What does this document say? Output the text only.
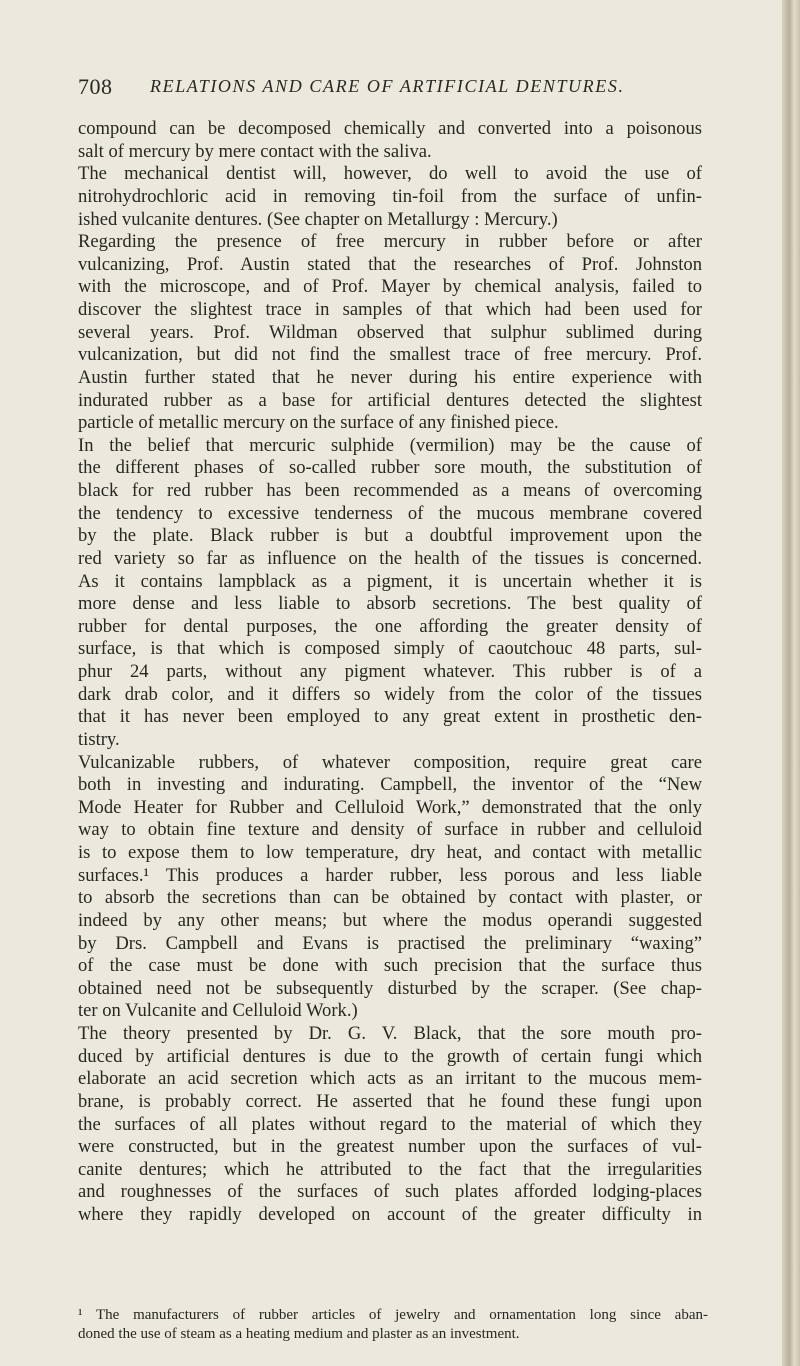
708 RELATIONS AND CARE OF ARTIFICIAL DENTURES.
compound can be decomposed chemically and converted into a poisonous
salt of mercury by mere contact with the saliva.
The mechanical dentist will, however, do well to avoid the use of
nitrohydrochloric acid in removing tin-foil from the surface of unfin-
ished vulcanite dentures. (See chapter on Metallurgy : Mercury.)
Regarding the presence of free mercury in rubber before or after
vulcanizing, Prof. Austin stated that the researches of Prof. Johnston
with the microscope, and of Prof. Mayer by chemical analysis, failed to
discover the slightest trace in samples of that which had been used for
several years. Prof. Wildman observed that sulphur sublimed during
vulcanization, but did not find the smallest trace of free mercury. Prof.
Austin further stated that he never during his entire experience with
indurated rubber as a base for artificial dentures detected the slightest
particle of metallic mercury on the surface of any finished piece.
In the belief that mercuric sulphide (vermilion) may be the cause of
the different phases of so-called rubber sore mouth, the substitution of
black for red rubber has been recommended as a means of overcoming
the tendency to excessive tenderness of the mucous membrane covered
by the plate. Black rubber is but a doubtful improvement upon the
red variety so far as influence on the health of the tissues is concerned.
As it contains lampblack as a pigment, it is uncertain whether it is
more dense and less liable to absorb secretions. The best quality of
rubber for dental purposes, the one affording the greater density of
surface, is that which is composed simply of caoutchouc 48 parts, sul-
phur 24 parts, without any pigment whatever. This rubber is of a
dark drab color, and it differs so widely from the color of the tissues
that it has never been employed to any great extent in prosthetic den-
tistry.
Vulcanizable rubbers, of whatever composition, require great care
both in investing and indurating. Campbell, the inventor of the “New
Mode Heater for Rubber and Celluloid Work,” demonstrated that the only
way to obtain fine texture and density of surface in rubber and celluloid
is to expose them to low temperature, dry heat, and contact with metallic
surfaces.¹ This produces a harder rubber, less porous and less liable
to absorb the secretions than can be obtained by contact with plaster, or
indeed by any other means; but where the modus operandi suggested
by Drs. Campbell and Evans is practised the preliminary “waxing”
of the case must be done with such precision that the surface thus
obtained need not be subsequently disturbed by the scraper. (See chap-
ter on Vulcanite and Celluloid Work.)
The theory presented by Dr. G. V. Black, that the sore mouth pro-
duced by artificial dentures is due to the growth of certain fungi which
elaborate an acid secretion which acts as an irritant to the mucous mem-
brane, is probably correct. He asserted that he found these fungi upon
the surfaces of all plates without regard to the material of which they
were constructed, but in the greatest number upon the surfaces of vul-
canite dentures; which he attributed to the fact that the irregularities
and roughnesses of the surfaces of such plates afforded lodging-places
where they rapidly developed on account of the greater difficulty in
¹ The manufacturers of rubber articles of jewelry and ornamentation long since aban-
doned the use of steam as a heating medium and plaster as an investment.
